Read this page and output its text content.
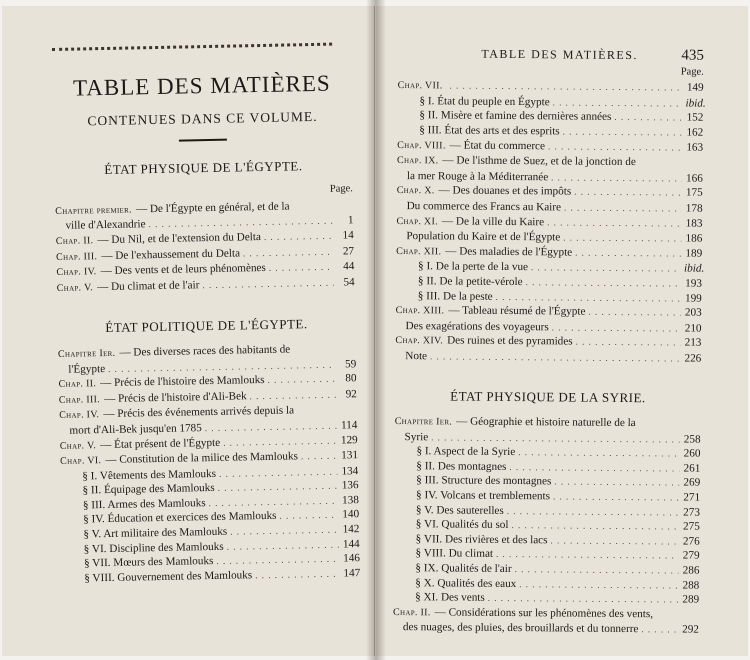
TABLE DES MATIÈRES
CONTENUES DANS CE VOLUME.
ÉTAT PHYSIQUE DE L'ÉGYPTE.
Page.
Chapitre premier. — De l'Égypte en général, et de la
ville d'Alexandrie . . .	1
Chap. II. — Du Nil, et de l'extension du Delta . . .	14
Chap. III. — De l'exhaussement du Delta . . .	27
Chap. IV. — Des vents et de leurs phénomènes . . .	44
Chap. V. — Du climat et de l'air . . .	54
ÉTAT POLITIQUE DE L'ÉGYPTE.
Chapitre Ier. — Des diverses races des habitants de
l'Égypte . . .	59
Chap. II. — Précis de l'histoire des Mamlouks . . .	80
Chap. III. — Précis de l'histoire d'Ali-Bek . . .	92
Chap. IV. — Précis des événements arrivés depuis la
mort d'Ali-Bek jusqu'en 1785 . . .	114
Chap. V. — État présent de l'Égypte . . .	129
Chap. VI. — Constitution de la milice des Mamlouks . . .	131
§ I. Vêtements des Mamlouks . . .	134
§ II. Équipage des Mamlouks . . .	136
§ III. Armes des Mamlouks . . .	138
§ IV. Éducation et exercices des Mamlouks . . .	140
§ V. Art militaire des Mamlouks . . .	142
§ VI. Discipline des Mamlouks . . .	144
§ VII. Mœurs des Mamlouks . . .	146
§ VIII. Gouvernement des Mamlouks . . .	147
TABLE DES MATIÈRES.	435
Page.
Chap. VII. . . .	149
§ I. État du peuple en Égypte . . .	ibid.
§ II. Misère et famine des dernières années . . .	152
§ III. État des arts et des esprits . . .	162
Chap. VIII. — État du commerce . . .	163
Chap. IX. — De l'isthme de Suez, et de la jonction de
la mer Rouge à la Méditerranée . . .	166
Chap. X. — Des douanes et des impôts . . .	175
Du commerce des Francs au Kaire . . .	178
Chap. XI. — De la ville du Kaire . . .	183
Population du Kaire et de l'Égypte . . .	186
Chap. XII. — Des maladies de l'Égypte . . .	189
§ I. De la perte de la vue . . .	ibid.
§ II. De la petite-vérole . . .	193
§ III. De la peste . . .	199
Chap. XIII. — Tableau résumé de l'Égypte . . .	203
Des exagérations des voyageurs . . .	210
Chap. XIV. Des ruines et des pyramides . . .	213
Note . . .	226
ÉTAT PHYSIQUE DE LA SYRIE.
Chapitre Ier. — Géographie et histoire naturelle de la
Syrie . . .	258
§ I. Aspect de la Syrie . . .	260
§ II. Des montagnes . . .	261
§ III. Structure des montagnes . . .	269
§ IV. Volcans et tremblements . . .	271
§ V. Des sauterelles . . .	273
§ VI. Qualités du sol . . .	275
§ VII. Des rivières et des lacs . . .	276
§ VIII. Du climat . . .	279
§ IX. Qualités de l'air . . .	286
§ X. Qualités des eaux . . .	288
§ XI. Des vents . . .	289
Chap. II. — Considérations sur les phénomènes des vents,
des nuages, des pluies, des brouillards et du tonnerre . . .	292
